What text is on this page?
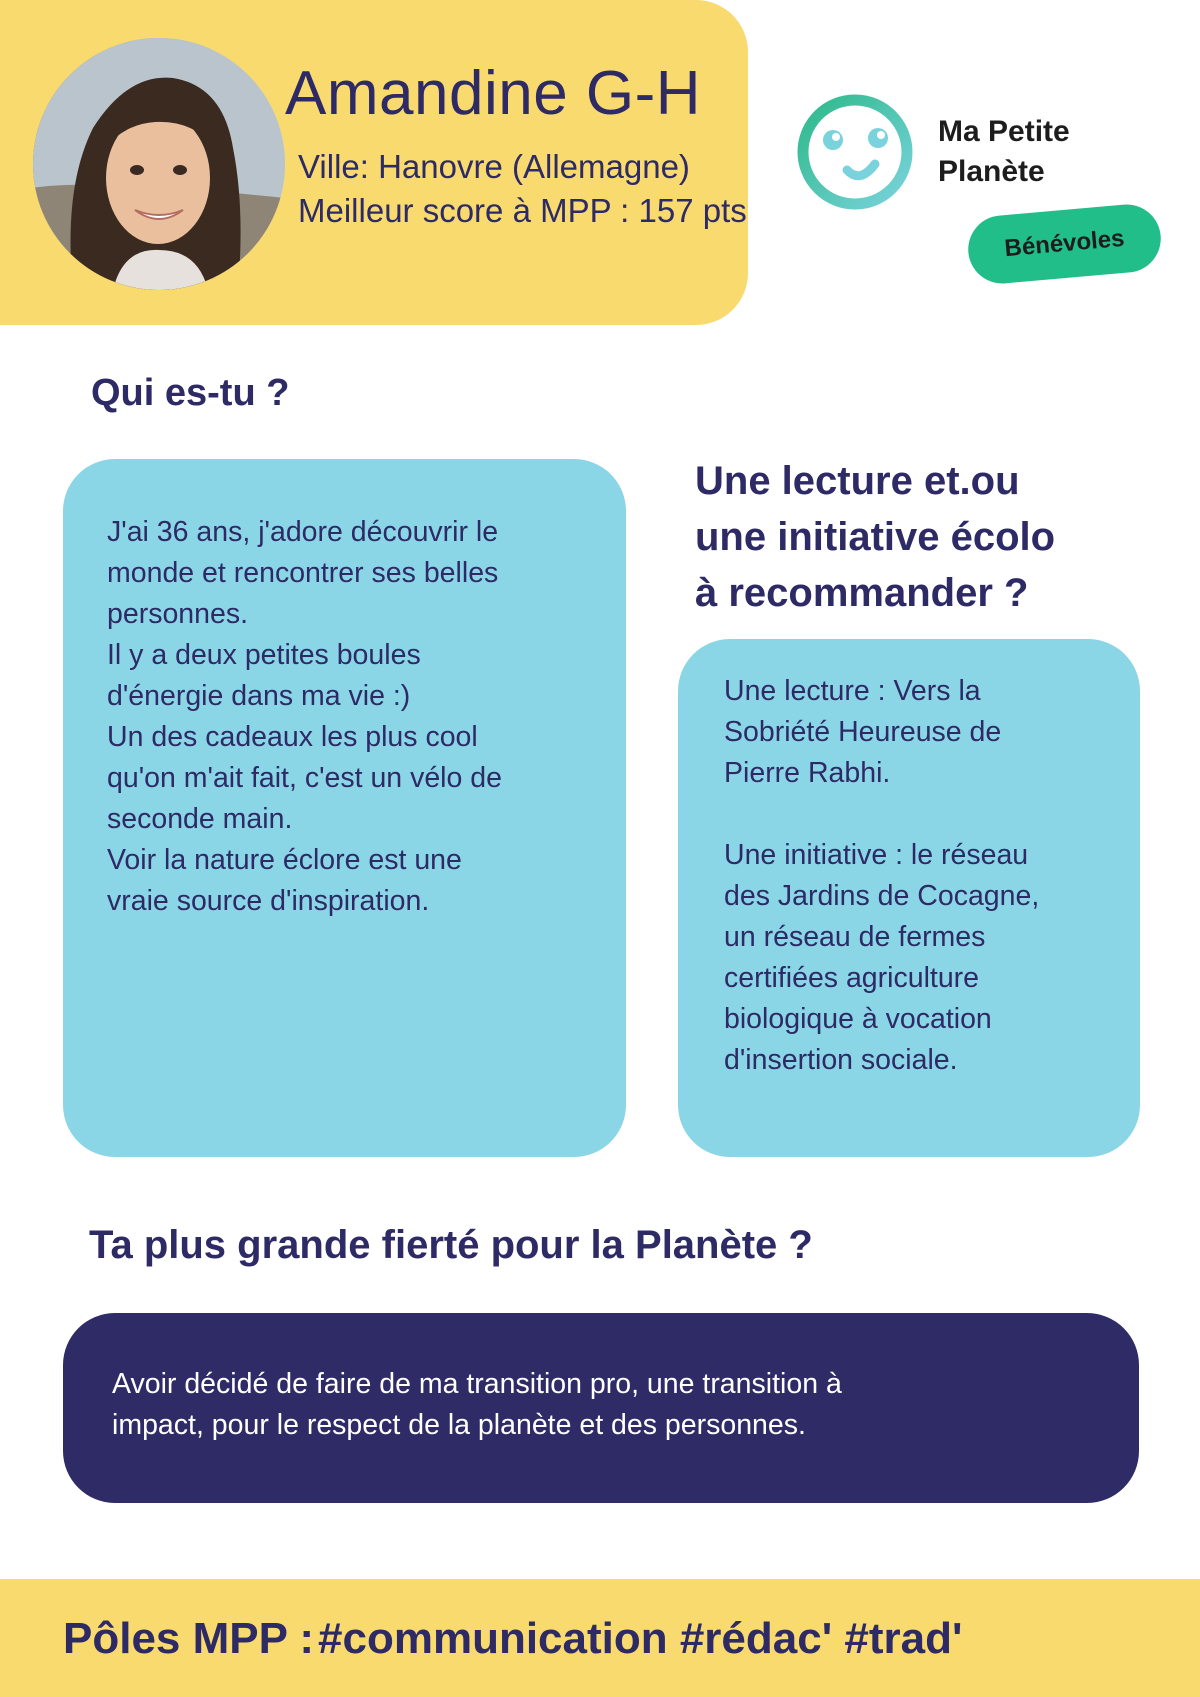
Amandine G-H
Ville: Hanovre (Allemagne)
Meilleur score à MPP : 157 pts
Ma Petite
Planète
Bénévoles
Qui es-tu ?
J'ai 36 ans, j'adore découvrir le
monde et rencontrer ses belles
personnes.
Il y a deux petites boules
d'énergie dans ma vie :)
Un des cadeaux les plus cool
qu'on m'ait fait, c'est un vélo de
seconde main.
Voir la nature éclore est une
vraie source d'inspiration.
Une lecture et.ou
une initiative écolo
à recommander ?
Une lecture : Vers la
Sobriété Heureuse de
Pierre Rabhi.
Une initiative : le réseau
des Jardins de Cocagne,
un réseau de fermes
certifiées agriculture
biologique à vocation
d'insertion sociale.
Ta plus grande fierté pour la Planète ?
Avoir décidé de faire de ma transition pro, une transition à
impact, pour le respect de la planète et des personnes.
Pôles MPP : #communication #rédac' #trad'
